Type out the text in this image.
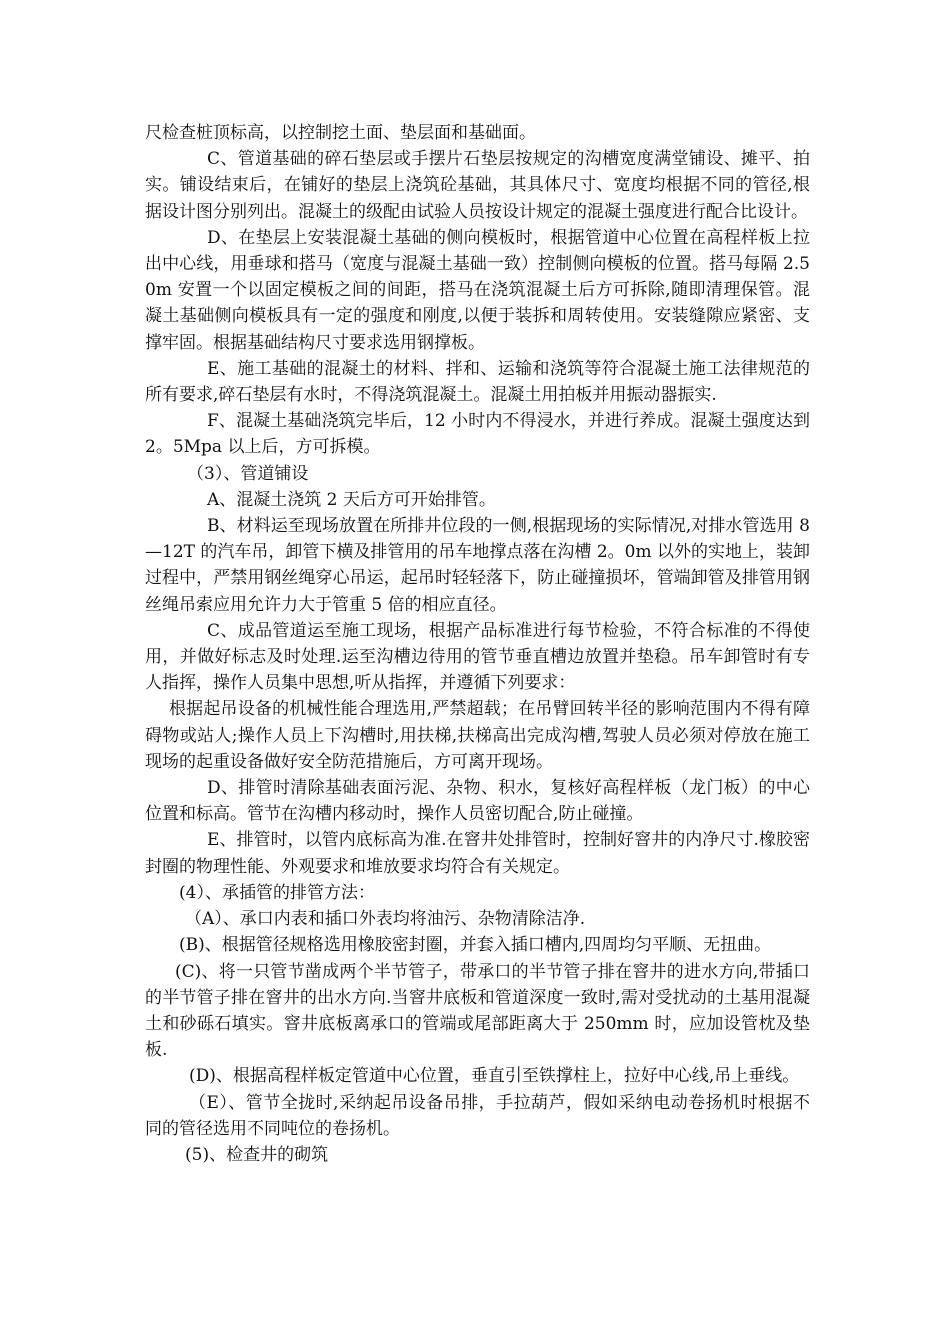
尺检查桩顶标高，以控制挖土面、垫层面和基础面。

C、管道基础的碎石垫层或手摆片石垫层按规定的沟槽宽度满堂铺设、摊平、拍实。铺设结束后，在铺好的垫层上浇筑砼基础，其具体尺寸、宽度均根据不同的管径,根据设计图分别列出。混凝土的级配由试验人员按设计规定的混凝土强度进行配合比设计。

D、在垫层上安装混凝土基础的侧向模板时，根据管道中心位置在高程样板上拉出中心线，用垂球和搭马（宽度与混凝土基础一致）控制侧向模板的位置。搭马每隔 2.50m 安置一个以固定模板之间的间距，搭马在浇筑混凝土后方可拆除,随即清理保管。混凝土基础侧向模板具有一定的强度和刚度,以便于装拆和周转使用。安装缝隙应紧密、支撑牢固。根据基础结构尺寸要求选用钢撑板。

E、施工基础的混凝土的材料、拌和、运输和浇筑等符合混凝土施工法律规范的所有要求,碎石垫层有水时，不得浇筑混凝土。混凝土用拍板并用振动器振实.

F、混凝土基础浇筑完毕后，12 小时内不得浸水，并进行养成。混凝土强度达到 2。5Mpa 以上后，方可拆模。

（3）、管道铺设

A、混凝土浇筑 2 天后方可开始排管。

B、材料运至现场放置在所排井位段的一侧,根据现场的实际情况,对排水管选用 8—12T 的汽车吊，卸管下横及排管用的吊车地撑点落在沟槽 2。0m 以外的实地上，装卸过程中，严禁用钢丝绳穿心吊运，起吊时轻轻落下，防止碰撞损坏，管端卸管及排管用钢丝绳吊索应用允许力大于管重 5 倍的相应直径。

C、成品管道运至施工现场，根据产品标准进行每节检验，不符合标准的不得使用，并做好标志及时处理.运至沟槽边待用的管节垂直槽边放置并垫稳。吊车卸管时有专人指挥，操作人员集中思想,听从指挥，并遵循下列要求：

根据起吊设备的机械性能合理选用,严禁超载；在吊臂回转半径的影响范围内不得有障碍物或站人;操作人员上下沟槽时,用扶梯,扶梯高出完成沟槽,驾驶人员必须对停放在施工现场的起重设备做好安全防范措施后，方可离开现场。

D、排管时清除基础表面污泥、杂物、积水，复核好高程样板（龙门板）的中心位置和标高。管节在沟槽内移动时，操作人员密切配合,防止碰撞。

E、排管时，以管内底标高为准.在窨井处排管时，控制好窨井的内净尺寸.橡胶密封圈的物理性能、外观要求和堆放要求均符合有关规定。

(4）、承插管的排管方法：

（A）、承口内表和插口外表均将油污、杂物清除洁净.

(B)、根据管径规格选用橡胶密封圈，并套入插口槽内,四周均匀平顺、无扭曲。

(C)、将一只管节凿成两个半节管子，带承口的半节管子排在窨井的进水方向,带插口的半节管子排在窨井的出水方向.当窨井底板和管道深度一致时,需对受扰动的土基用混凝土和砂砾石填实。窨井底板离承口的管端或尾部距离大于 250mm 时，应加设管枕及垫板.

(D)、根据高程样板定管道中心位置，垂直引至铁撑柱上，拉好中心线,吊上垂线。

（E）、管节全拢时,采纳起吊设备吊排，手拉葫芦，假如采纳电动卷扬机时根据不同的管径选用不同吨位的卷扬机。

(5)、检查井的砌筑
